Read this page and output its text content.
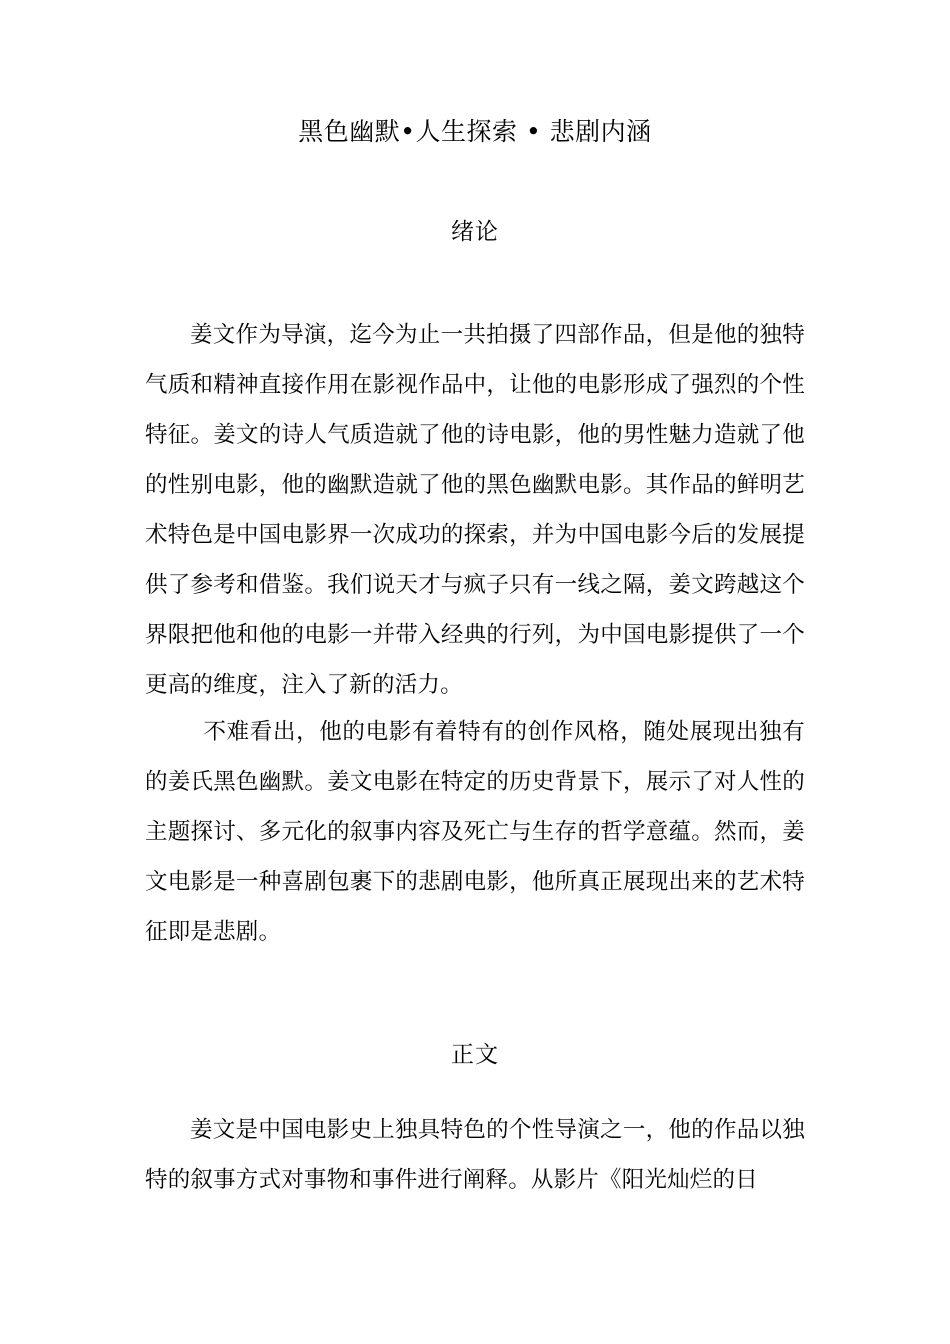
黑色幽默•人生探索 • 悲剧内涵
绪论

姜文作为导演，迄今为止一共拍摄了四部作品，但是他的独特气质和精神直接作用在影视作品中，让他的电影形成了强烈的个性特征。姜文的诗人气质造就了他的诗电影，他的男性魅力造就了他的性别电影，他的幽默造就了他的黑色幽默电影。其作品的鲜明艺术特色是中国电影界一次成功的探索，并为中国电影今后的发展提供了参考和借鉴。我们说天才与疯子只有一线之隔，姜文跨越这个界限把他和他的电影一并带入经典的行列，为中国电影提供了一个更高的维度，注入了新的活力。

不难看出，他的电影有着特有的创作风格，随处展现出独有的姜氏黑色幽默。姜文电影在特定的历史背景下，展示了对人性的主题探讨、多元化的叙事内容及死亡与生存的哲学意蕴。然而，姜文电影是一种喜剧包裹下的悲剧电影，他所真正展现出来的艺术特征即是悲剧。

正文

姜文是中国电影史上独具特色的个性导演之一，他的作品以独特的叙事方式对事物和事件进行阐释。从影片《阳光灿烂的日
